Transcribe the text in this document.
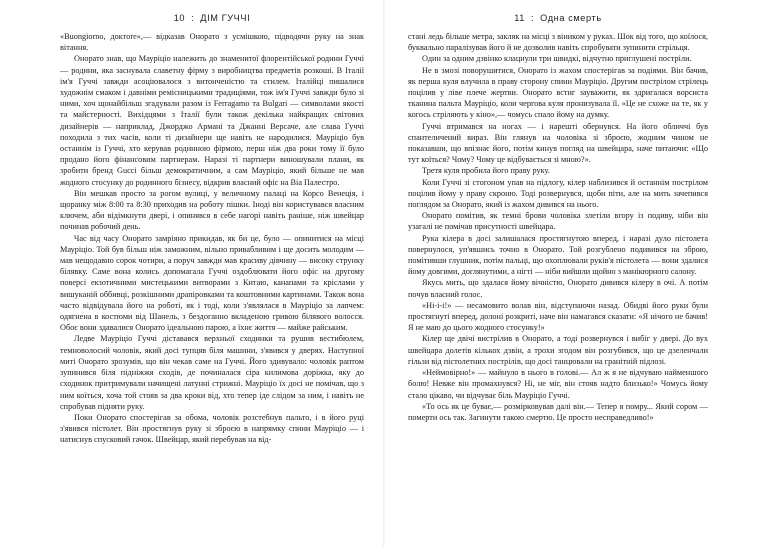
10 : ДІМ ГУЧЧІ

«Buongiorno, доктore»,— відказав Онорато з усмішкою, підводячи руку на знак вітання.

Онорато знав, що Мауріціо належить до знаменитої флорентійської родини Гуччі — родини, яка заснувала славетну фірму з виробництва предметів розкоші. В Італії ім'я Гуччі завжди асоціювалося з витонченістю та стилем. Італійці пишалися художнім смаком і давніми ремісницькими традиціями, тож ім'я Гуччі завжди було зі ними, хоч щонайбільш згадували разом із Ferragamo та Bulgari — символами якості та майстерності. Вихідцями з Італії були також декілька найкращих світових дизайнерів — наприклад, Джорджо Армані та Джанні Версаче, але слава Гуччі походила з тих часів, коли ті дизайнери ще навіть не народилися. Мауріціо був останнім із Гуччі, хто керував родинною фірмою, перш ніж два роки тому її було продано його фінансовим партнерам. Наразі ті партнери виношували плани, як зробити бренд Gucci більш демократичним, а сам Мауріціо, який більше не мав жодного стосунку до родинного бізнесу, відкрив власний офіс на Віа Палестро.

Він мешкав просто за рогом вулиці, у величному палаці на Корсо Венеція, і щоранку між 8:00 та 8:30 приходив на роботу пішки. Іноді він користувався власним ключем, аби відімкнути двері, і опинявся в себе нагорі навіть раніше, ніж швейцар починав робочий день.

Час від часу Онорато замріяно прикидав, як би це, було — опинитися на місці Мауріціо. Той був більш ніж заможним, вільно привабливим і ще досить молодим — мав нещодавно сорок чотири, а поруч завжди мав красиву дівчину — високу струнку білявку. Саме вона колись допомагала Гуччі оздоблювати його офіс на другому поверсі екзотичними мистецькими витворами з Китаю, канапами та кріслами у вишуканій оббивці, розкішними драпіровками та коштовними картинами. Також вона часто відвідувала його на роботі, як і тоді, коли з'являлася в Мауріціо за лапчем: одягнена в костюми від Шанель, з бездоганно вкладеною гривою білявого волосся. Обоє вони здавалися Онорато ідеальною парою, а їхнє життя — майже райським.

Ледве Мауріціо Гуччі діставався верхньої сходинки та рушив вестибюлем, темноволосий чоловік, який досі тупцяв біля машини, з'явився у дверях. Наступної миті Онорато зрозумів, що він чекав саме на Гуччі. Його здивувало: чоловік раптом зупинився біля підніжжя сходів, де починалася сіра килимова доріжка, яку до сходинок притримували начищені латунні стрижні. Мауріціо їх досі не помічав, що з ним коїться, хоча той стояв за два кроки від, хто тепер іде слідом за ним, і навіть не спробував підняти руку.

Поки Онорато спостерігав за обома, чоловік розстебнув пальто, і в його руці з'явився пістолет. Він простягнув руку зі зброєю в напрямку спини Мауріціо — і натиснув спусковий гачок. Швейцар, який перебував на від-

11 : Одна смерть

стані ледь більше метра, закляк на місці з віником у руках. Шок від того, що коїлося, буквально паралізував його й не дозволив навіть спробувати зупинити стрільця.

Один за одним дзвінко клацнули три швидкі, відчутно приглушені постріли.

Не в змозі поворушитися, Онорато із жахом спостерігав за подіями. Він бачив, як перша куля влучила в праву сторону спини Мауріціо. Другим пострілом стрілець поцілив у ліве плече жертви. Онорато встиг зауважити, як здригалася ворсиста тканина пальта Мауріціо, коли чергова куля пронизувала її. «Це не схоже на те, як у когось стріляють у кіно»,— чомусь спало йому на думку.

Гуччі втримався на ногах — і нарешті обернувся. На його обличчі був спантеличений вираз. Він глянув на чоловіка зі зброєю, жодним чином не показавши, що впізнає його, потім кинув погляд на швейцара, наче питаючи: «Що тут коїться? Чому? Чому це відбувається зі мною?».

Третя куля пробила його праву руку.

Коли Гуччі зі стогоном упав на підлогу, кілер наблизився й останнім пострілом поцілив йому у праву скроню. Тоді розвернувся, щоби піти, але на мить зачепився поглядом за Онорато, який із жахом дивився на нього.

Онорато помітив, як темні брови чоловіка злетіли вгору із подиву, ніби він узагалі не помічав присутності швейцара.

Рука кілера в досі залишалася простягнутою вперед, і наразі дуло пістолета повернулося, уп'явшись точно в Онорато. Той розгублено подивився на зброю, помітивши глушник, потім пальці, що охоплювали руків'я пістолета — вони здалися йому довгими, доглянутими, а нігті — ніби вийшли щойно з манікюрного салону.

Якусь мить, що здалася йому вічністю, Онорато дивився кілеру в очі. А потім почув власний голос.

«Ні-і-і!» — несамовито волав він, відступаючи назад. Обидві його руки були простягнуті вперед, долоні розкриті, наче він намагався сказати: «Я нічого не бачив! Я не маю до цього жодного стосунку!»

Кілер ще двічі вистрілив в Онорато, а тоді розвернувся і вибіг у двері. До вух швейцара долетів кількох дзвін, а трохи згодом він розгубився, що це дзеленчали гільзи від пістолетних пострілів, що досі танцювали на гранітній підлозі.

«Неймовірно!» — майнуло в нього в голові.— Ал ж я не відчуваю найменшого болю! Невже він промахнувся? Ні, не міг, він стояв надто близько!» Чомусь йому стало цікаво, чи відчуває біль Мауріціо Гуччі.

«То ось як це буває,— розмірковував далі він.— Тепер я помру... Який сором — померти ось так. Загинути такою смертю. Це просто несправедливо!»
